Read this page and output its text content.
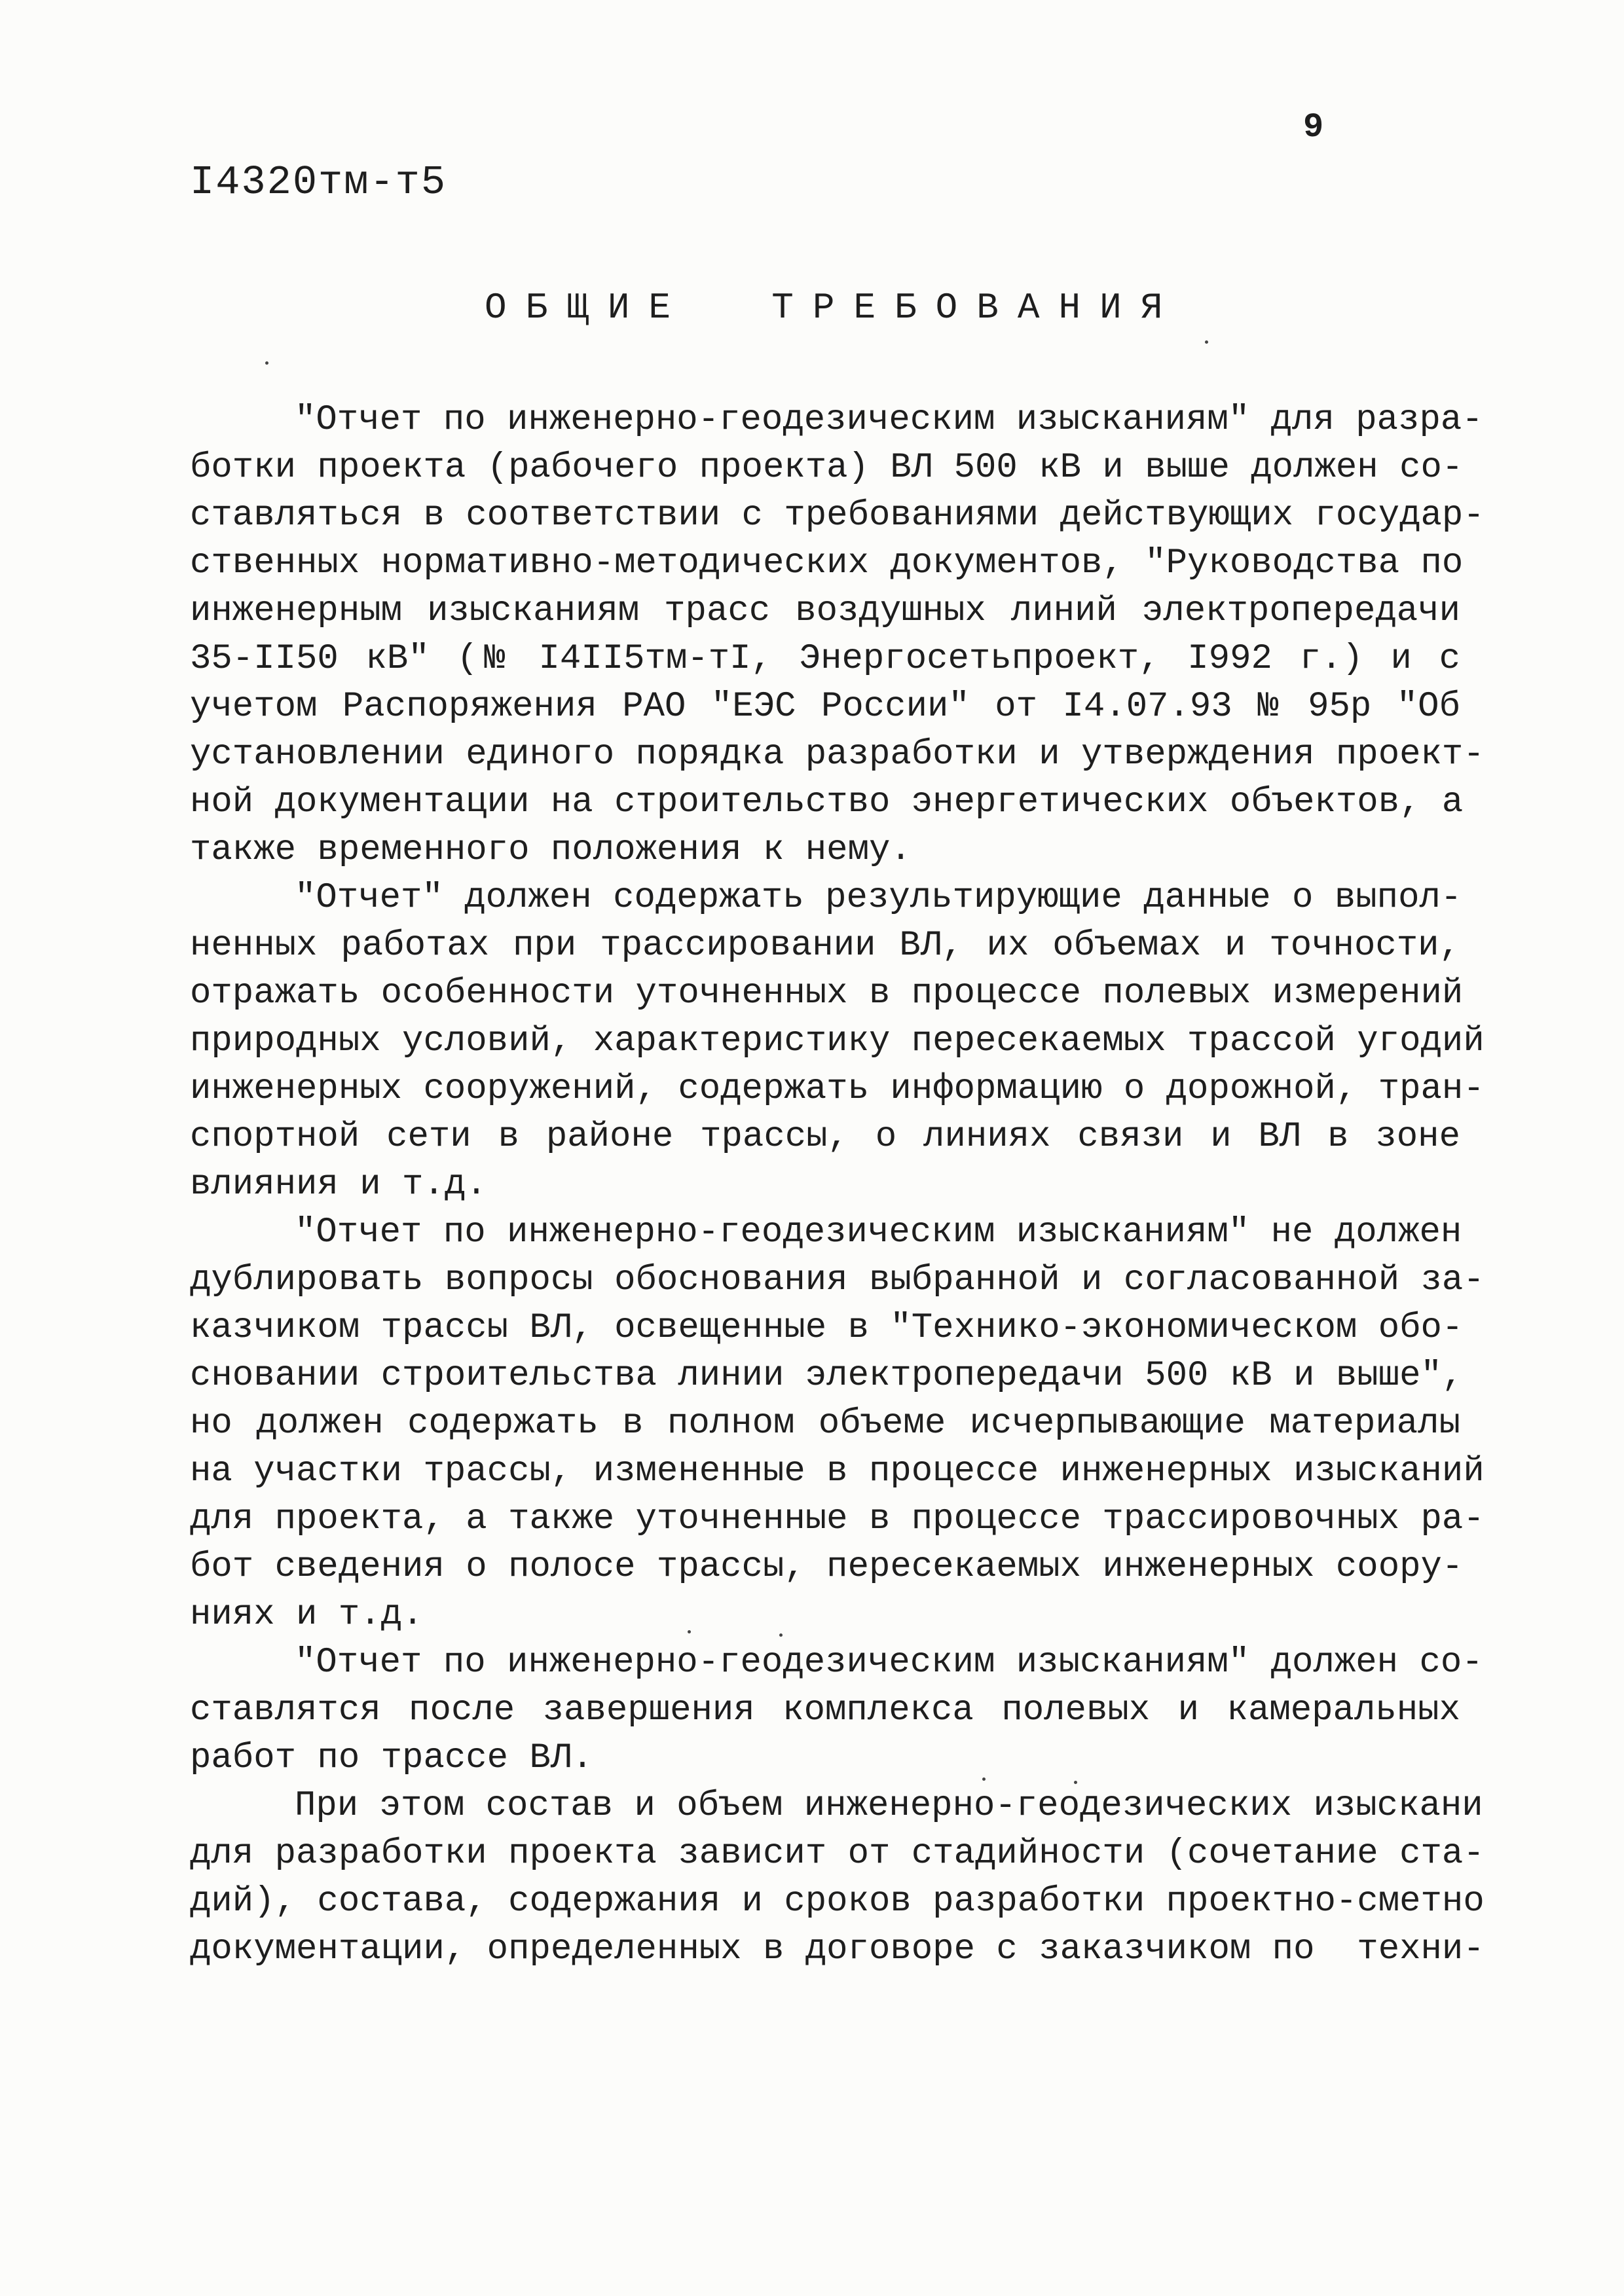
9
I4320тм-т5
ОБЩИЕ  ТРЕБОВАНИЯ
"Отчет по инженерно-геодезическим изысканиям" для разра-
ботки проекта (рабочего проекта) ВЛ 500 кВ и выше должен со-
ставляться в соответствии с требованиями действующих государ-
ственных нормативно-методических документов, "Руководства по
инженерным изысканиям трасс воздушных линий электропередачи
35-II50 кВ" (№ I4II5тм-тI, Энергосетьпроект, I992 г.) и с
учетом Распоряжения РАО "ЕЭС России" от I4.07.93 № 95р "Об
установлении единого порядка разработки и утверждения проект-
ной документации на строительство энергетических объектов, а
также временного положения к нему.
"Отчет" должен содержать результирующие данные о выпол-
ненных работах при трассировании ВЛ, их объемах и точности,
отражать особенности уточненных в процессе полевых измерений
природных условий, характеристику пересекаемых трассой угодий
инженерных сооружений, содержать информацию о дорожной, тран-
спортной сети в районе трассы, о линиях связи и ВЛ в зоне
влияния и т.д.
"Отчет по инженерно-геодезическим изысканиям" не должен
дублировать вопросы обоснования выбранной и согласованной за-
казчиком трассы ВЛ, освещенные в "Технико-экономическом обо-
сновании строительства линии электропередачи 500 кВ и выше",
но должен содержать в полном объеме исчерпывающие материалы
на участки трассы, измененные в процессе инженерных изысканий
для проекта, а также уточненные в процессе трассировочных ра-
бот сведения о полосе трассы, пересекаемых инженерных соору-
ниях и т.д.
"Отчет по инженерно-геодезическим изысканиям" должен со-
ставлятся после завершения комплекса полевых и камеральных
работ по трассе ВЛ.
При этом состав и объем инженерно-геодезических изыскани
для разработки проекта зависит от стадийности (сочетание ста-
дий), состава, содержания и сроков разработки проектно-сметно
документации, определенных в договоре с заказчиком по  техни-
